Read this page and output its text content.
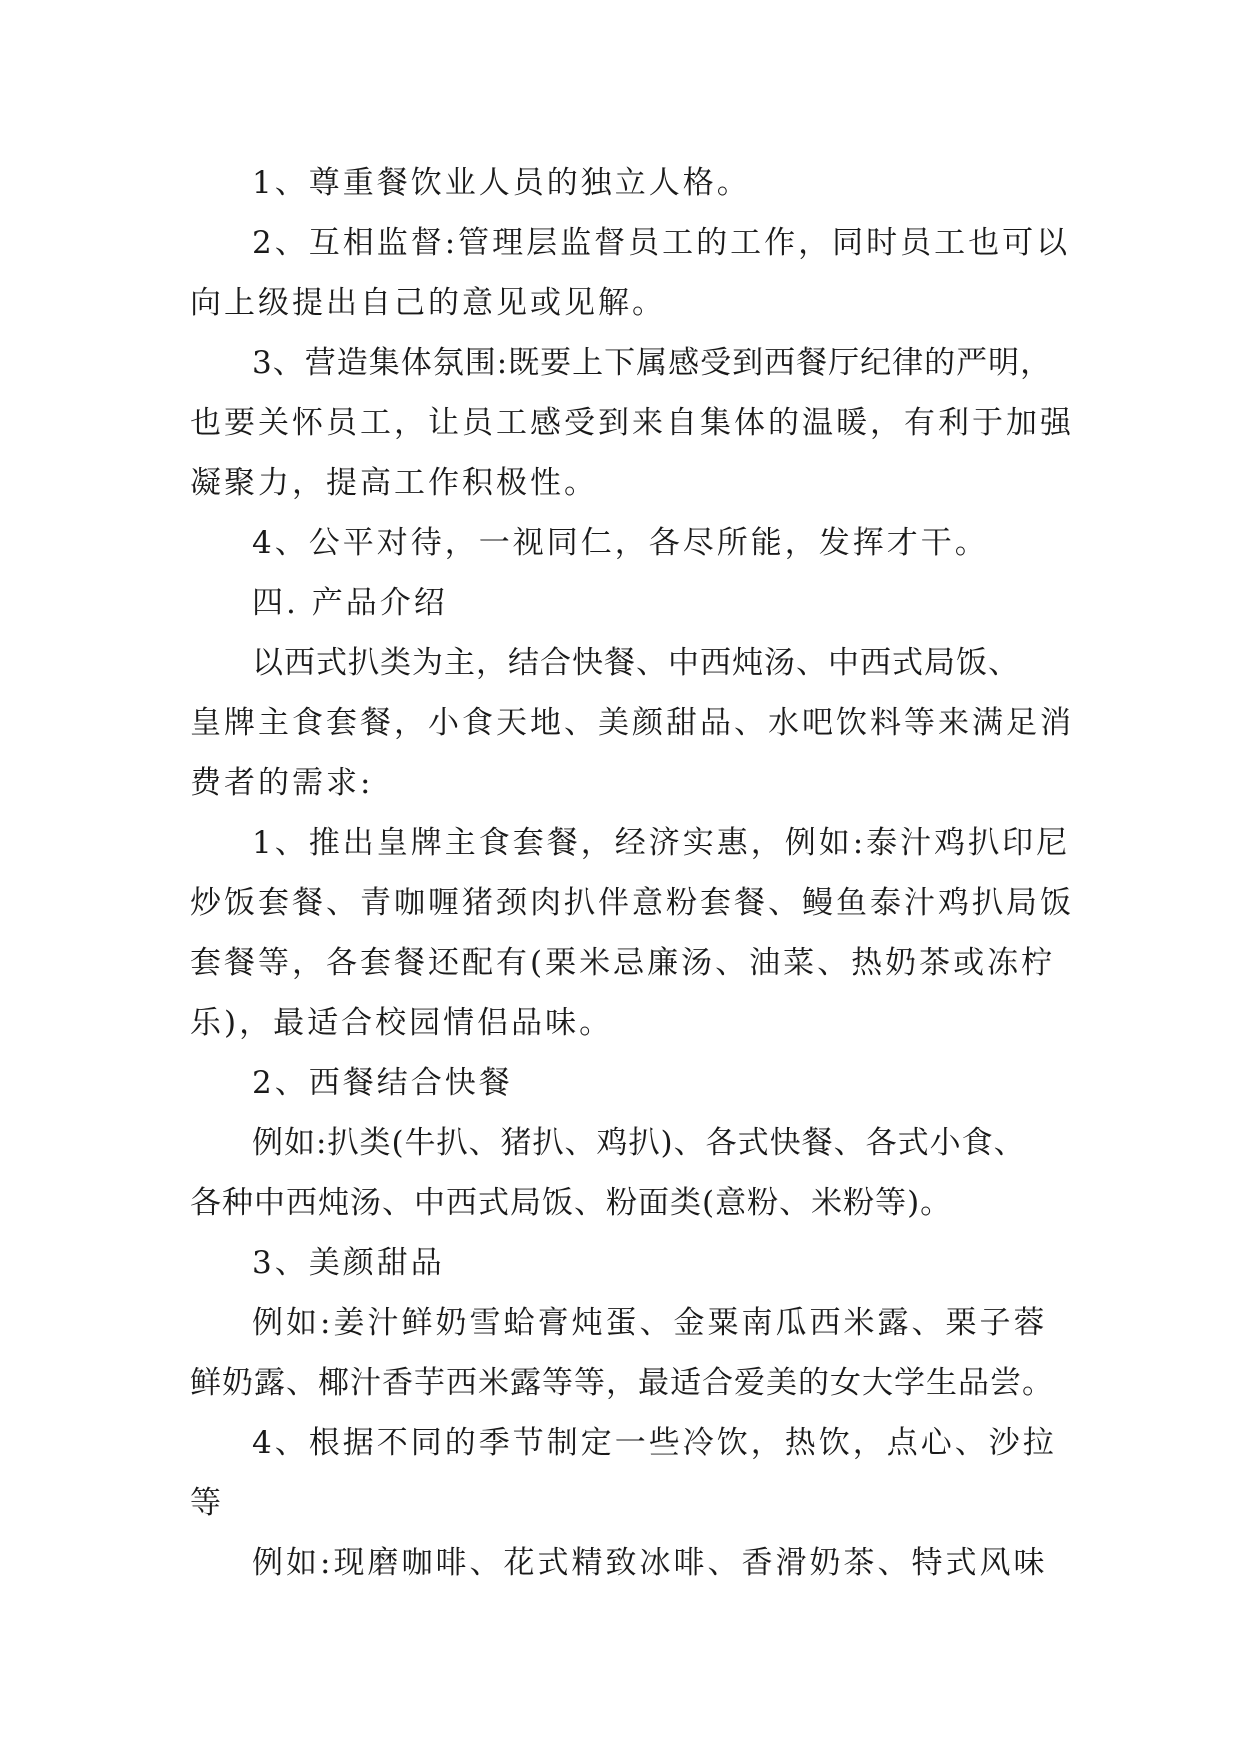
1、尊重餐饮业人员的独立人格。
2、互相监督:管理层监督员工的工作，同时员工也可以
向上级提出自己的意见或见解。
3、营造集体氛围:既要上下属感受到西餐厅纪律的严明，
也要关怀员工，让员工感受到来自集体的温暖，有利于加强
凝聚力，提高工作积极性。
4、公平对待，一视同仁，各尽所能，发挥才干。
四. 产品介绍
以西式扒类为主，结合快餐、中西炖汤、中西式局饭、
皇牌主食套餐，小食天地、美颜甜品、水吧饮料等来满足消
费者的需求:
1、推出皇牌主食套餐，经济实惠，例如:泰汁鸡扒印尼
炒饭套餐、青咖喱猪颈肉扒伴意粉套餐、鳗鱼泰汁鸡扒局饭
套餐等，各套餐还配有(栗米忌廉汤、油菜、热奶茶或冻柠
乐)，最适合校园情侣品味。
2、西餐结合快餐
例如:扒类(牛扒、猪扒、鸡扒)、各式快餐、各式小食、
各种中西炖汤、中西式局饭、粉面类(意粉、米粉等)。
3、美颜甜品
例如:姜汁鲜奶雪蛤膏炖蛋、金粟南瓜西米露、栗子蓉
鲜奶露、椰汁香芋西米露等等，最适合爱美的女大学生品尝。
4、根据不同的季节制定一些冷饮，热饮，点心、沙拉
等
例如:现磨咖啡、花式精致冰啡、香滑奶茶、特式风味
